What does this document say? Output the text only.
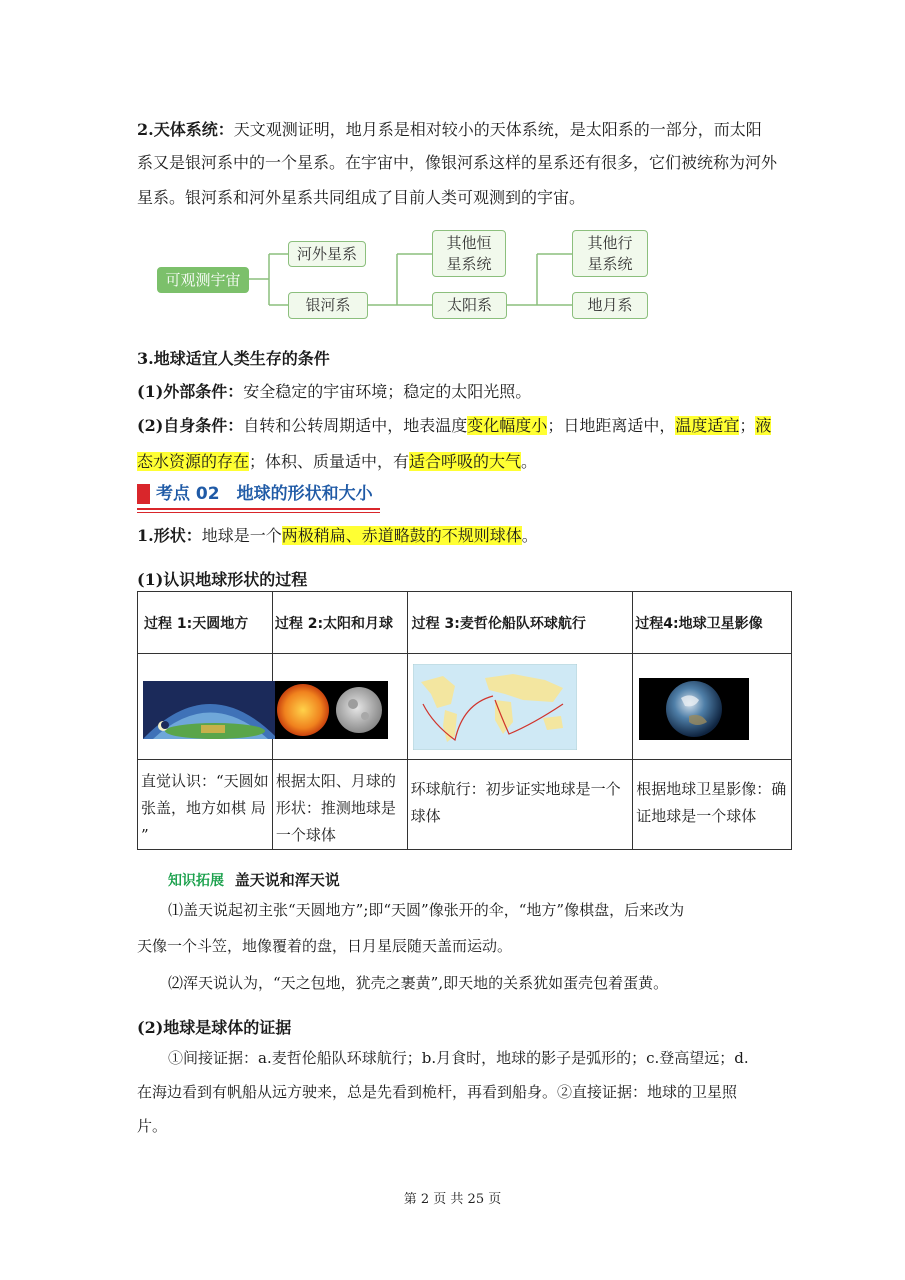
2.天体系统：天文观测证明，地月系是相对较小的天体系统，是太阳系的一部分，而太阳
系又是银河系中的一个星系。在宇宙中，像银河系这样的星系还有很多，它们被统称为河外
星系。银河系和河外星系共同组成了目前人类可观测到的宇宙。
可观测宇宙
河外星系
银河系
其他恒星系统
太阳系
其他行星系统
地月系
3.地球适宜人类生存的条件
(1)外部条件：安全稳定的宇宙环境；稳定的太阳光照。
(2)自身条件：自转和公转周期适中，地表温度变化幅度小；日地距离适中，温度适宜；液
态水资源的存在；体积、质量适中，有适合呼吸的大气。
考点 02　地球的形状和大小
1.形状：地球是一个两极稍扁、赤道略鼓的不规则球体。
(1)认识地球形状的过程
过程 1:天圆地方	过程 2:太阳和月球	过程 3:麦哲伦船队环球航行	过程4:地球卫星影像

直觉认识：“天圆如张盖，地方如棋 局 ”	根据太阳、月球的形状：推测地球是一个球体	环球航行：初步证实地球是一个球体	根据地球卫星影像：确证地球是一个球体
知识拓展 盖天说和浑天说
⑴盖天说起初主张“天圆地方”;即“天圆”像张开的伞，“地方”像棋盘，后来改为
天像一个斗笠，地像覆着的盘，日月星辰随天盖而运动。
⑵浑天说认为，“天之包地，犹壳之裹黄”,即天地的关系犹如蛋壳包着蛋黄。
(2)地球是球体的证据
①间接证据：a.麦哲伦船队环球航行；b.月食时，地球的影子是弧形的；c.登高望远；d.
在海边看到有帆船从远方驶来，总是先看到桅杆，再看到船身。②直接证据：地球的卫星照
片。
第 2 页 共 25 页
